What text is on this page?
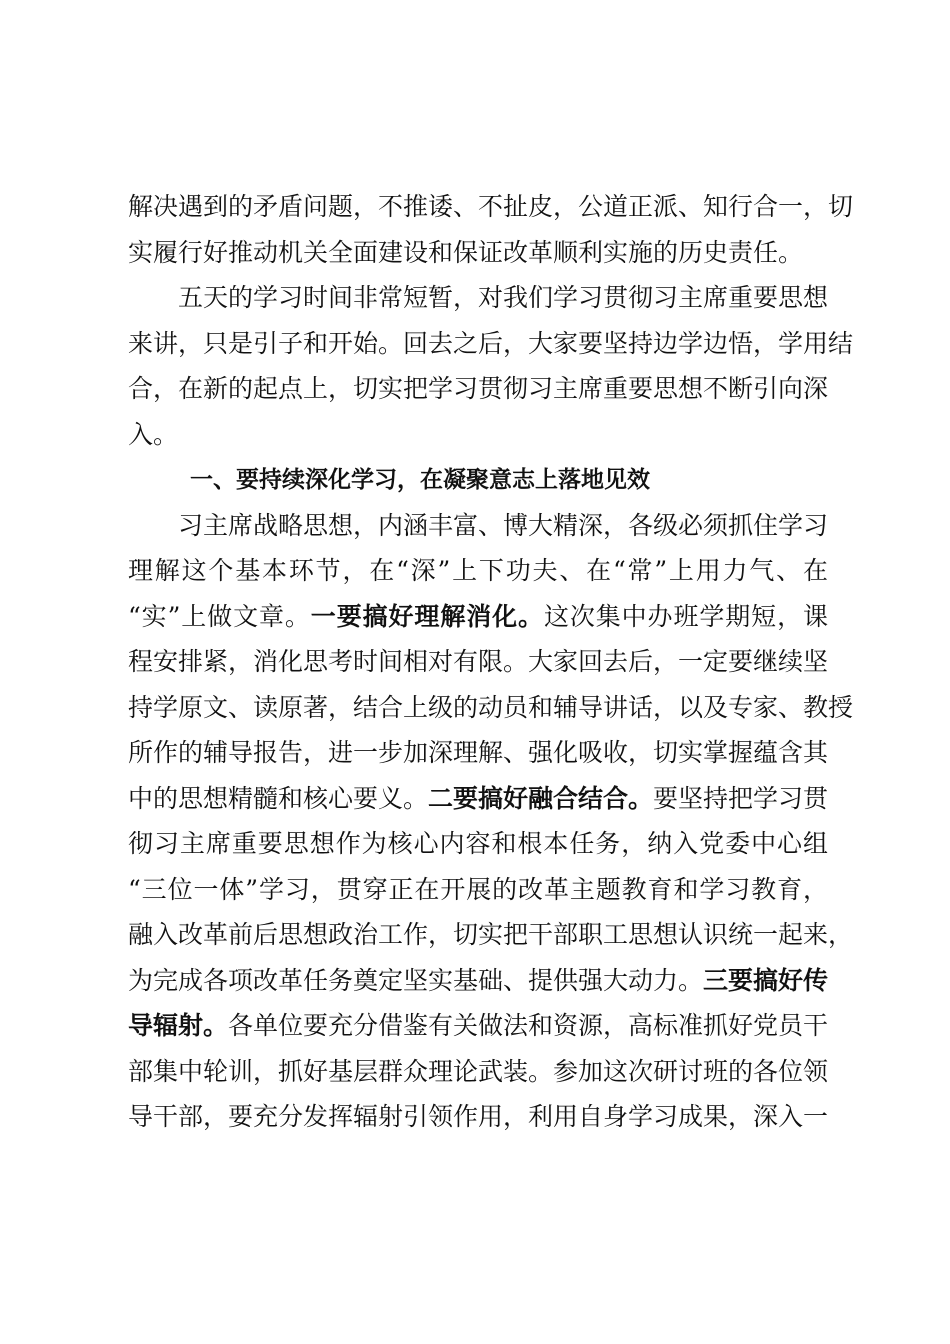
解决遇到的矛盾问题，不推诿、不扯皮，公道正派、知行合一，切
实履行好推动机关全面建设和保证改革顺利实施的历史责任。
五天的学习时间非常短暂，对我们学习贯彻习主席重要思想
来讲，只是引子和开始。回去之后，大家要坚持边学边悟，学用结
合，在新的起点上，切实把学习贯彻习主席重要思想不断引向深
入。
一、要持续深化学习，在凝聚意志上落地见效
习主席战略思想，内涵丰富、博大精深，各级必须抓住学习
理解这个基本环节，在“深”上下功夫、在“常”上用力气、在
“实”上做文章。一要搞好理解消化。这次集中办班学期短，课
程安排紧，消化思考时间相对有限。大家回去后，一定要继续坚
持学原文、读原著，结合上级的动员和辅导讲话，以及专家、教授
所作的辅导报告，进一步加深理解、强化吸收，切实掌握蕴含其
中的思想精髓和核心要义。二要搞好融合结合。要坚持把学习贯
彻习主席重要思想作为核心内容和根本任务，纳入党委中心组
“三位一体”学习，贯穿正在开展的改革主题教育和学习教育，
融入改革前后思想政治工作，切实把干部职工思想认识统一起来，
为完成各项改革任务奠定坚实基础、提供强大动力。三要搞好传
导辐射。各单位要充分借鉴有关做法和资源，高标准抓好党员干
部集中轮训，抓好基层群众理论武装。参加这次研讨班的各位领
导干部，要充分发挥辐射引领作用，利用自身学习成果，深入一
